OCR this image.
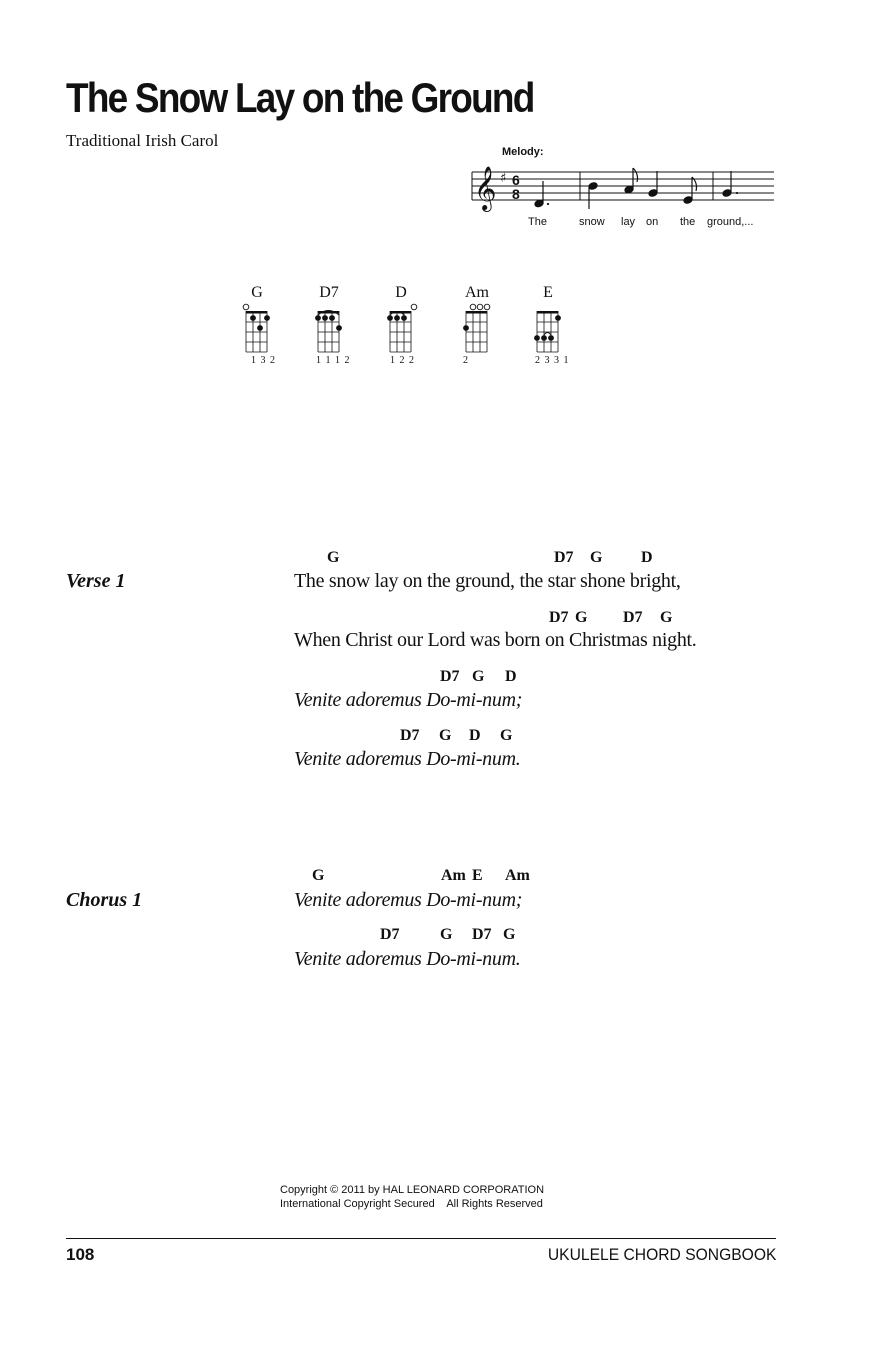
The Snow Lay on the Ground
Traditional Irish Carol
Melody:
𝄞 ♯ 6
8
The	snow lay on the ground,...
G
1 3 2
D7
1 1 1 2
D
1 2 2
Am
2
E
2 3 3 1
Verse 1
G	D7 G D
The snow lay on the ground, the star shone bright,
D7 G D7 G
When Christ our Lord was born on Christmas night.
D7 G D
Venite adoremus Do-mi-num;
D7 G D G
Venite adoremus Do-mi-num.
Chorus 1
G	Am E Am
Venite adoremus Do-mi-num;
D7	G D7 G
Venite adoremus Do-mi-num.
Copyright © 2011 by HAL LEONARD CORPORATION
International Copyright Secured    All Rights Reserved
108	UKULELE CHORD SONGBOOK
